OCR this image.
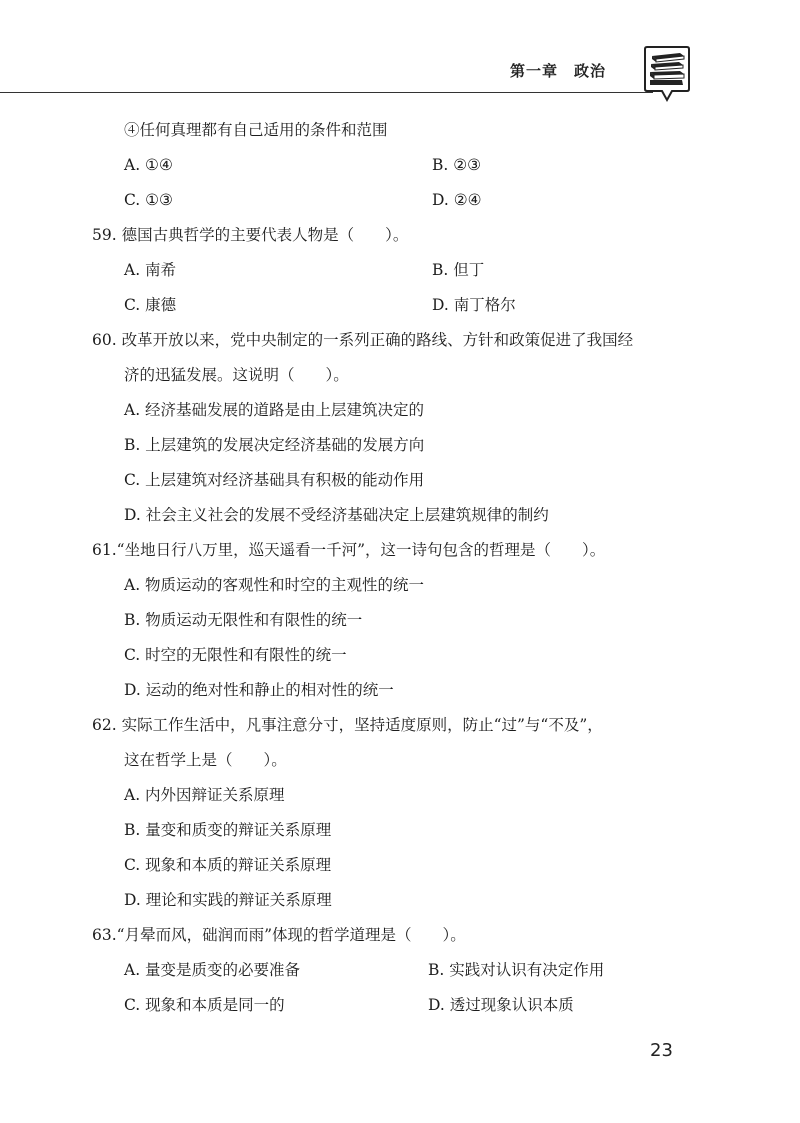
第一章　政治
④任何真理都有自己适用的条件和范围
A. ①④	B. ②③
C. ①③	D. ②④
59. 德国古典哲学的主要代表人物是（　　）。
A. 南希	B. 但丁
C. 康德	D. 南丁格尔
60. 改革开放以来，党中央制定的一系列正确的路线、方针和政策促进了我国经
济的迅猛发展。这说明（　　）。
A. 经济基础发展的道路是由上层建筑决定的
B. 上层建筑的发展决定经济基础的发展方向
C. 上层建筑对经济基础具有积极的能动作用
D. 社会主义社会的发展不受经济基础决定上层建筑规律的制约
61.“坐地日行八万里，巡天遥看一千河”，这一诗句包含的哲理是（　　）。
A. 物质运动的客观性和时空的主观性的统一
B. 物质运动无限性和有限性的统一
C. 时空的无限性和有限性的统一
D. 运动的绝对性和静止的相对性的统一
62. 实际工作生活中，凡事注意分寸，坚持适度原则，防止“过”与“不及”，
这在哲学上是（　　）。
A. 内外因辩证关系原理
B. 量变和质变的辩证关系原理
C. 现象和本质的辩证关系原理
D. 理论和实践的辩证关系原理
63.“月晕而风，础润而雨”体现的哲学道理是（　　）。
A. 量变是质变的必要准备	B. 实践对认识有决定作用
C. 现象和本质是同一的	D. 透过现象认识本质
23
